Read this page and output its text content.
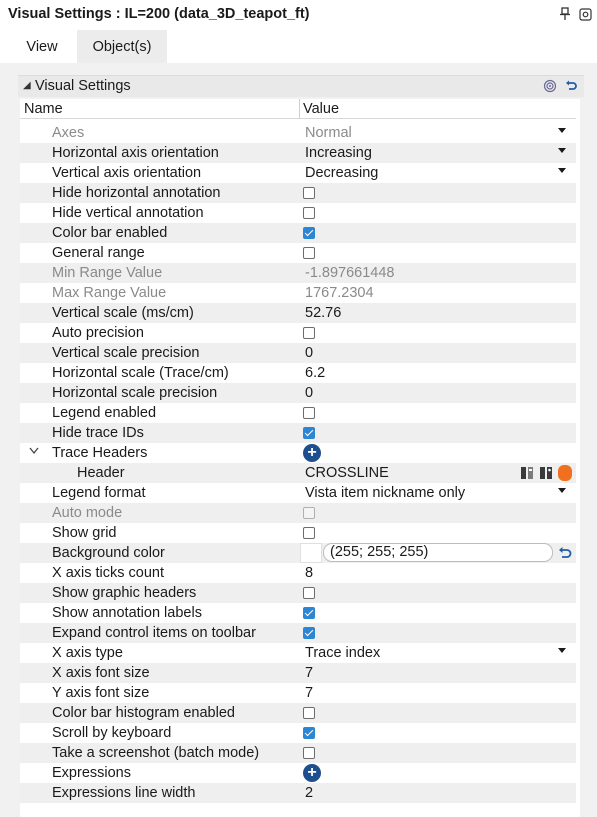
Visual Settings : IL=200 (data_3D_teapot_ft)
View	Object(s)
◢ Visual Settings
Name	Value
Axes	Normal
Horizontal axis orientation	Increasing
Vertical axis orientation	Decreasing
Hide horizontal annotation
Hide vertical annotation
Color bar enabled
General range
Min Range Value	-1.897661448
Max Range Value	1767.2304
Vertical scale (ms/cm)	52.76
Auto precision
Vertical scale precision	0
Horizontal scale (Trace/cm)	6.2
Horizontal scale precision	0
Legend enabled
Hide trace IDs
Trace Headers	+
Header	CROSSLINE
Legend format	Vista item nickname only
Auto mode
Show grid
Background color	(255; 255; 255)
X axis ticks count	8
Show graphic headers
Show annotation labels
Expand control items on toolbar
X axis type	Trace index
X axis font size	7
Y axis font size	7
Color bar histogram enabled
Scroll by keyboard
Take a screenshot (batch mode)
Expressions	+
Expressions line width	2
